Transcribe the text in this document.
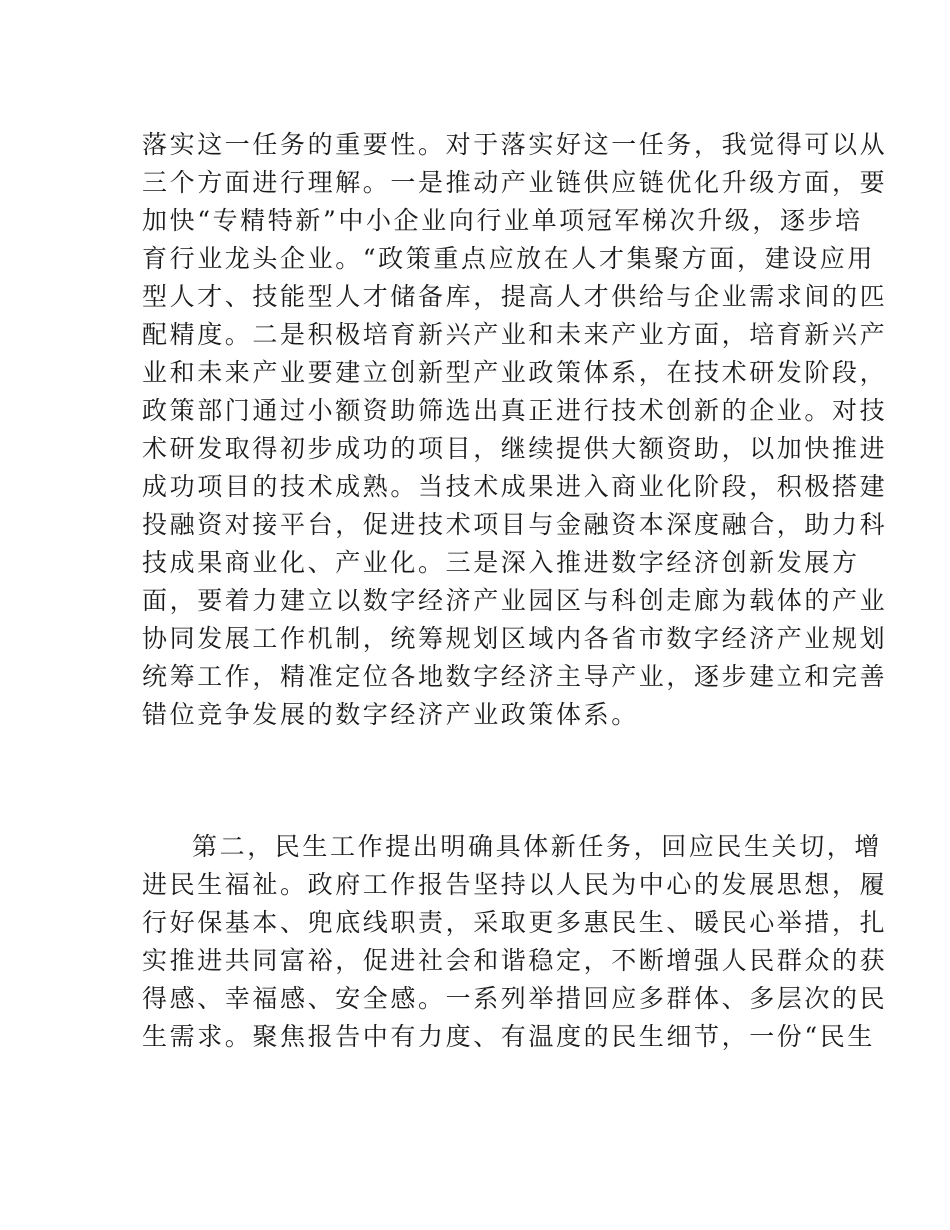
落实这一任务的重要性。对于落实好这一任务，我觉得可以从
三个方面进行理解。一是推动产业链供应链优化升级方面，要
加快“专精特新”中小企业向行业单项冠军梯次升级，逐步培
育行业龙头企业。“政策重点应放在人才集聚方面，建设应用
型人才、技能型人才储备库，提高人才供给与企业需求间的匹
配精度。二是积极培育新兴产业和未来产业方面，培育新兴产
业和未来产业要建立创新型产业政策体系，在技术研发阶段，
政策部门通过小额资助筛选出真正进行技术创新的企业。对技
术研发取得初步成功的项目，继续提供大额资助，以加快推进
成功项目的技术成熟。当技术成果进入商业化阶段，积极搭建
投融资对接平台，促进技术项目与金融资本深度融合，助力科
技成果商业化、产业化。三是深入推进数字经济创新发展方
面，要着力建立以数字经济产业园区与科创走廊为载体的产业
协同发展工作机制，统筹规划区域内各省市数字经济产业规划
统筹工作，精准定位各地数字经济主导产业，逐步建立和完善
错位竞争发展的数字经济产业政策体系。
第二，民生工作提出明确具体新任务，回应民生关切，增
进民生福祉。政府工作报告坚持以人民为中心的发展思想，履
行好保基本、兜底线职责，采取更多惠民生、暖民心举措，扎
实推进共同富裕，促进社会和谐稳定，不断增强人民群众的获
得感、幸福感、安全感。一系列举措回应多群体、多层次的民
生需求。聚焦报告中有力度、有温度的民生细节，一份“民生
